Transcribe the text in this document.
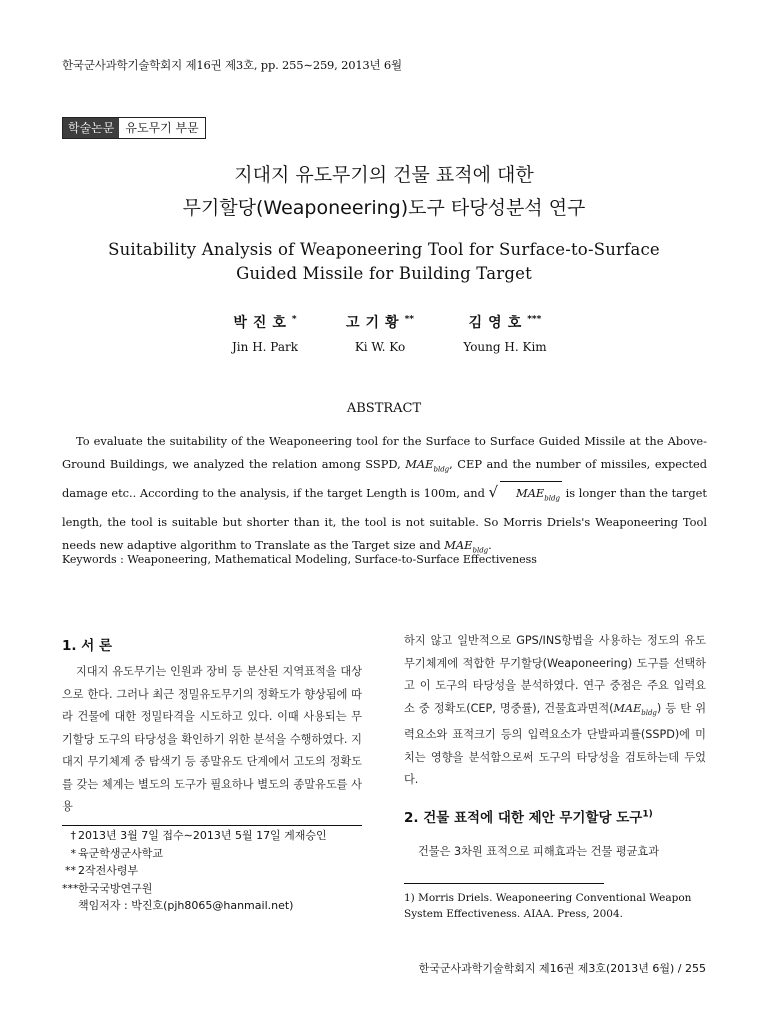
한국군사과학기술학회지 제16권 제3호, pp. 255∼259, 2013년 6월
학술논문 유도무기 부문
지대지 유도무기의 건물 표적에 대한
무기할당(Weaponeering)도구 타당성분석 연구
Suitability Analysis of Weaponeering Tool for Surface-to-Surface
Guided Missile for Building Target
박진호*
Jin H. Park
고기황**
Ki W. Ko
김영호***
Young H. Kim
ABSTRACT

To evaluate the suitability of the Weaponeering tool for the Surface to Surface Guided Missile at the Above-Ground Buildings, we analyzed the relation among SSPD, $MAE_{bldg}$, CEP and the number of missiles, expected damage etc.. According to the analysis, if the target Length is 100m, and √ $MAE_{bldg}$ is longer than the target length, the tool is suitable but shorter than it, the tool is not suitable. So Morris Driels's Weaponeering Tool needs new adaptive algorithm to Translate as the Target size and $MAE_{bldg}$.

Keywords : Weaponeering, Mathematical Modeling, Surface-to-Surface Effectiveness
1. 서 론

지대지 유도무기는 인원과 장비 등 분산된 지역표적을 대상으로 한다. 그러나 최근 정밀유도무기의 정확도가 향상됨에 따라 건물에 대한 정밀타격을 시도하고 있다. 이때 사용되는 무기할당 도구의 타당성을 확인하기 위한 분석을 수행하였다. 지대지 무기체계 중 탐색기 등 종말유도 단계에서 고도의 정확도를 갖는 체계는 별도의 도구가 필요하나 별도의 종말유도를 사용

† 2013년 3월 7일 접수∼2013년 5월 17일 게재승인
* 육군학생군사학교
** 2작전사령부
***한국국방연구원
책임저자 : 박진호(pjh8065@hanmail.net)

하지 않고 일반적으로 GPS/INS항법을 사용하는 정도의 유도무기체계에 적합한 무기할당(Weaponeering) 도구를 선택하고 이 도구의 타당성을 분석하였다. 연구 중점은 주요 입력요소 중 정확도(CEP, 명중률), 건물효과면적$(MAE_{bldg})$ 등 탄 위력요소와 표적크기 등의 입력요소가 단발파괴률(SSPD)에 미치는 영향을 분석함으로써 도구의 타당성을 검토하는데 두었다.

2. 건물 표적에 대한 제안 무기할당 도구$^{1)}$

건물은 3차원 표적으로 피해효과는 건물 평균효과

1) Morris Driels. Weaponeering Conventional Weapon System Effectiveness. AIAA. Press, 2004.
한국군사과학기술학회지 제16권 제3호(2013년 6월) / 255
